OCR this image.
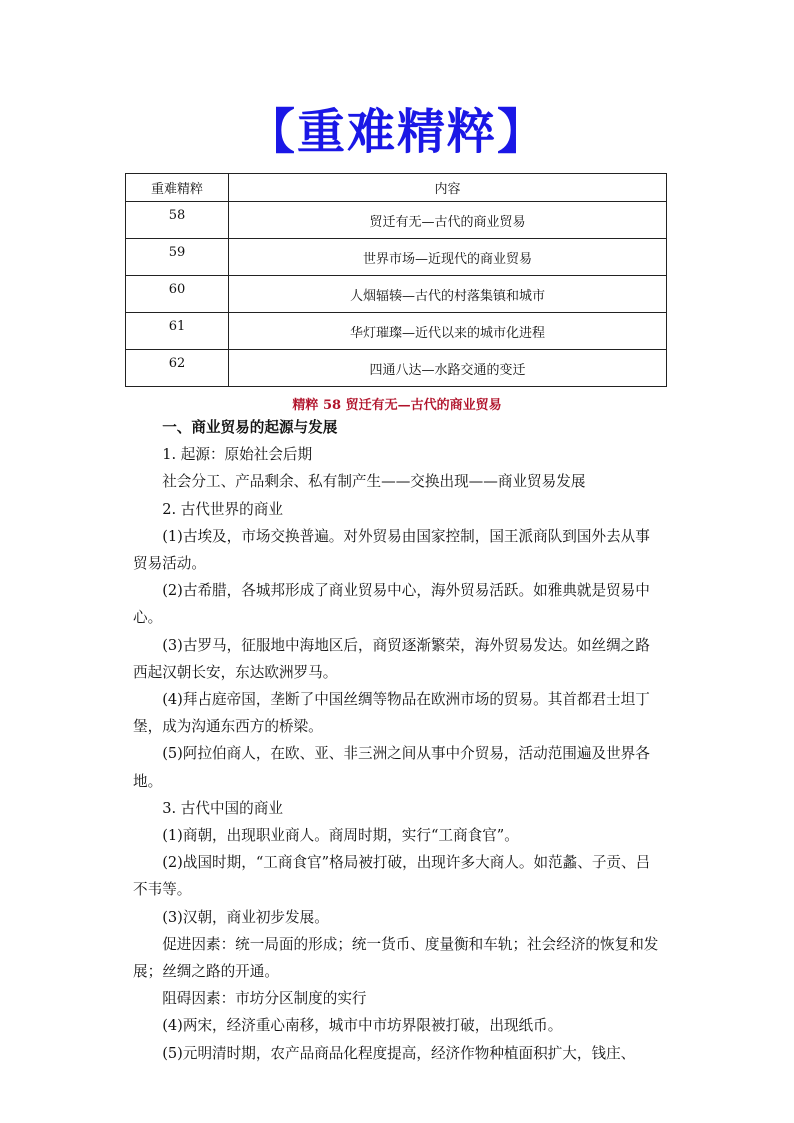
【重难精粹】
重难精粹	内容
58	贸迁有无—古代的商业贸易
59	世界市场—近现代的商业贸易
60	人烟辐辏—古代的村落集镇和城市
61	华灯璀璨—近代以来的城市化进程
62	四通八达—水路交通的变迁
精粹 58 贸迁有无—古代的商业贸易

一、商业贸易的起源与发展

1. 起源：原始社会后期

社会分工、产品剩余、私有制产生——交换出现——商业贸易发展

2. 古代世界的商业

(1)古埃及，市场交换普遍。对外贸易由国家控制，国王派商队到国外去从事贸易活动。

(2)古希腊，各城邦形成了商业贸易中心，海外贸易活跃。如雅典就是贸易中心。

(3)古罗马，征服地中海地区后，商贸逐渐繁荣，海外贸易发达。如丝绸之路西起汉朝长安，东达欧洲罗马。

(4)拜占庭帝国，垄断了中国丝绸等物品在欧洲市场的贸易。其首都君士坦丁堡，成为沟通东西方的桥梁。

(5)阿拉伯商人，在欧、亚、非三洲之间从事中介贸易，活动范围遍及世界各地。

3. 古代中国的商业

(1)商朝，出现职业商人。商周时期，实行“工商食官”。

(2)战国时期，“工商食官”格局被打破，出现许多大商人。如范蠡、子贡、吕不韦等。

(3)汉朝，商业初步发展。

促进因素：统一局面的形成；统一货币、度量衡和车轨；社会经济的恢复和发展；丝绸之路的开通。

阻碍因素：市坊分区制度的实行

(4)两宋，经济重心南移，城市中市坊界限被打破，出现纸币。

(5)元明清时期，农产品商品化程度提高，经济作物种植面积扩大，钱庄、
